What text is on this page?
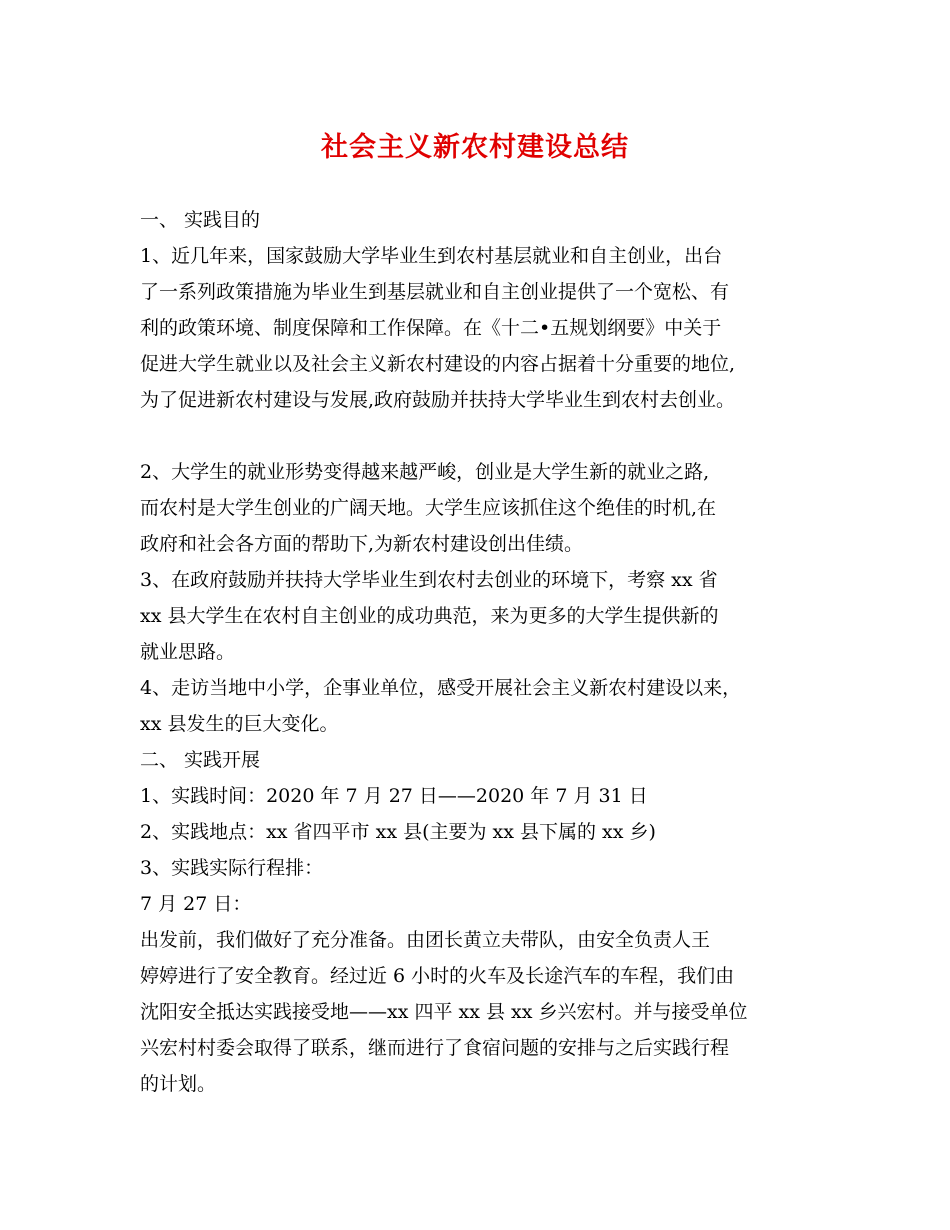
社会主义新农村建设总结
一、 实践目的
1、近几年来，国家鼓励大学毕业生到农村基层就业和自主创业，出台
了一系列政策措施为毕业生到基层就业和自主创业提供了一个宽松、有
利的政策环境、制度保障和工作保障。在《十二•五规划纲要》中关于
促进大学生就业以及社会主义新农村建设的内容占据着十分重要的地位,
为了促进新农村建设与发展,政府鼓励并扶持大学毕业生到农村去创业。
2、大学生的就业形势变得越来越严峻，创业是大学生新的就业之路,
而农村是大学生创业的广阔天地。大学生应该抓住这个绝佳的时机,在
政府和社会各方面的帮助下,为新农村建设创出佳绩。
3、在政府鼓励并扶持大学毕业生到农村去创业的环境下，考察 xx 省
xx 县大学生在农村自主创业的成功典范，来为更多的大学生提供新的
就业思路。
4、走访当地中小学，企事业单位，感受开展社会主义新农村建设以来，
xx 县发生的巨大变化。
二、 实践开展
1、实践时间：2020 年 7 月 27 日——2020 年 7 月 31 日
2、实践地点：xx 省四平市 xx 县(主要为 xx 县下属的 xx 乡)
3、实践实际行程排：
7 月 27 日：
出发前，我们做好了充分准备。由团长黄立夫带队，由安全负责人王
婷婷进行了安全教育。经过近 6 小时的火车及长途汽车的车程，我们由
沈阳安全抵达实践接受地——xx 四平 xx 县 xx 乡兴宏村。并与接受单位
兴宏村村委会取得了联系，继而进行了食宿问题的安排与之后实践行程
的计划。
